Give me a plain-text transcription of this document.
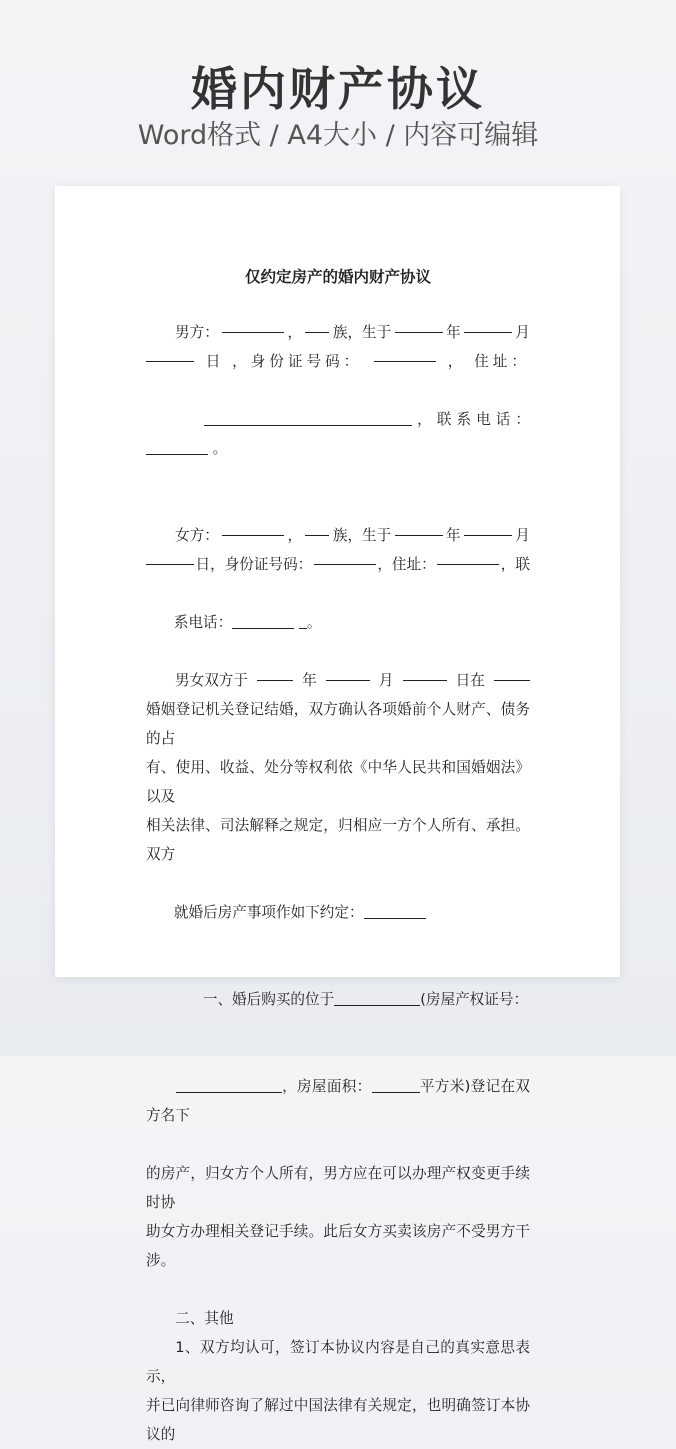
婚内财产协议
Word格式 / A4大小 / 内容可编辑
仅约定房产的婚内财产协议
男方：	， 族，生于	年	月
日 ，身份证号码：	， 住址：

，联系电话： 。

女方：	， 族，生于	年	月
日，身份证号码：	，住址：	，联

系电话：	。

男女双方于	年	月	日在
婚姻登记机关登记结婚，双方确认各项婚前个人财产、债务的占
有、使用、收益、处分等权利依《中华人民共和国婚姻法》以及
相关法律、司法解释之规定，归相应一方个人所有、承担。双方

就婚后房产事项作如下约定：

一、婚后购买的位于	(房屋产权证号：

，房屋面积：	平方米)登记在双方名下

的房产，归女方个人所有，男方应在可以办理产权变更手续时协
助女方办理相关登记手续。此后女方买卖该房产不受男方干涉。
二、其他
1、双方均认可，签订本协议内容是自己的真实意思表示，
并已向律师咨询了解过中国法律有关规定，也明确签订本协议的
